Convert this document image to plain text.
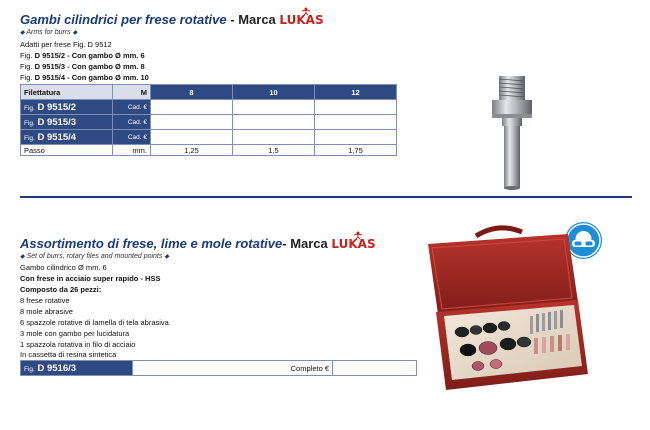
Gambi cilindrici per frese rotative - Marca LUKAS
◆ Arms for burrs ◆
Adatti per frese Fig. D 9512
Fig. D 9515/2 - Con gambo Ø mm. 6
Fig. D 9515/3 - Con gambo Ø mm. 8
Fig. D 9515/4 - Con gambo Ø mm. 10
Filettatura	M	8	10	12
Fig. D 9515/2	Cad. €			
Fig. D 9515/3	Cad. €			
Fig. D 9515/4	Cad. €			
Passo	mm.	1,25	1,5	1,75
Assortimento di frese, lime e mole rotative- Marca LUKAS
◆ Set of burrs, rotary files and mounted points ◆
Gambo cilindrico Ø mm. 6
Con frese in acciaio super rapido - HSS
Composto da 26 pezzi:
8 frese rotative
8 mole abrasive
6 spazzole rotative di lamella di tela abrasiva
3 mole con gambo per lucidatura
1 spazzola rotativa in filo di acciaio
In cassetta di resina sintetica
Fig. D 9516/3	Completo €	
